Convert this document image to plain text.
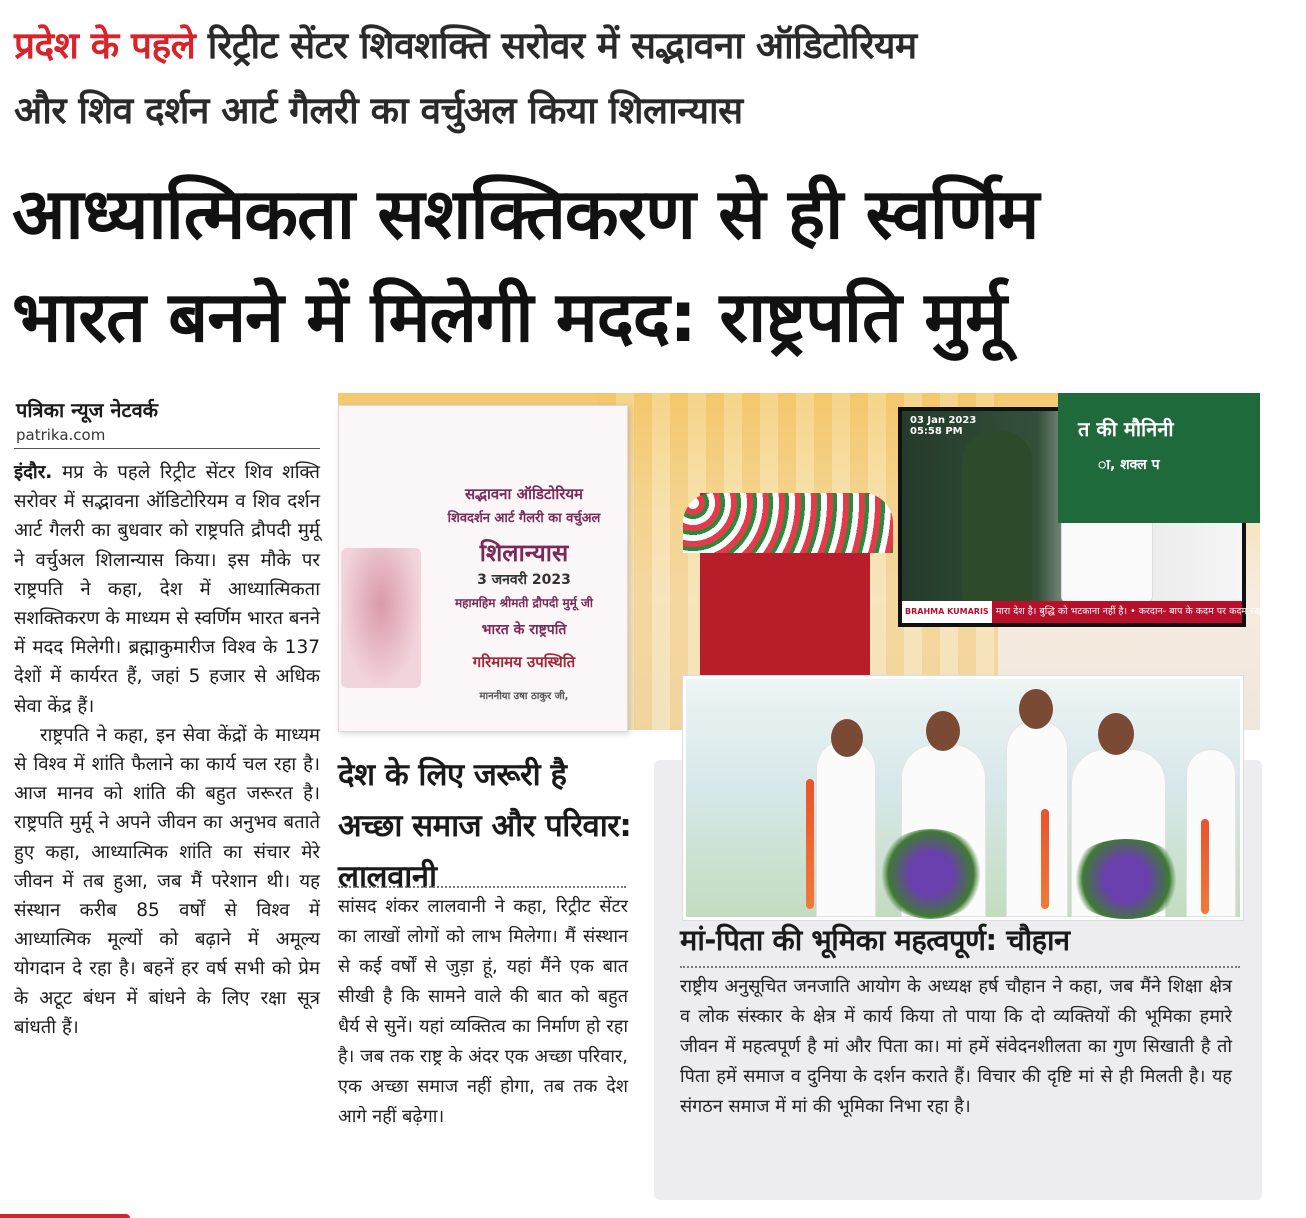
प्रदेश के पहले रिट्रीट सेंटर शिवशक्ति सरोवर में सद्भावना ऑडिटोरियम
और शिव दर्शन आर्ट गैलरी का वर्चुअल किया शिलान्यास
आध्यात्मिकता सशक्तिकरण से ही स्वर्णिम
भारत बनने में मिलेगी मदद: राष्ट्रपति मुर्मू
पत्रिका न्यूज नेटवर्क
patrika.com

इंदौर. मप्र के पहले रिट्रीट सेंटर शिव शक्ति सरोवर में सद्भावना ऑडिटोरियम व शिव दर्शन आर्ट गैलरी का बुधवार को राष्ट्रपति द्रौपदी मुर्मू ने वर्चुअल शिलान्यास किया। इस मौके पर राष्ट्रपति ने कहा, देश में आध्यात्मिकता सशक्तिकरण के माध्यम से स्वर्णिम भारत बनने में मदद मिलेगी। ब्रह्माकुमारीज विश्व के 137 देशों में कार्यरत हैं, जहां 5 हजार से अधिक सेवा केंद्र हैं।

राष्ट्रपति ने कहा, इन सेवा केंद्रों के माध्यम से विश्व में शांति फैलाने का कार्य चल रहा है। आज मानव को शांति की बहुत जरूरत है। राष्ट्रपति मुर्मू ने अपने जीवन का अनुभव बताते हुए कहा, आध्यात्मिक शांति का संचार मेरे जीवन में तब हुआ, जब मैं परेशान थी। यह संस्थान करीब 85 वर्षों से विश्व में आध्यात्मिक मूल्यों को बढ़ाने में अमूल्य योगदान दे रहा है। बहनें हर वर्ष सभी को प्रेम के अटूट बंधन में बांधने के लिए रक्षा सूत्र बांधती हैं।

सद्भावना ऑडिटोरियम
शिवदर्शन आर्ट गैलरी का वर्चुअल
शिलान्यास
3 जनवरी 2023
महामहिम श्रीमती द्रौपदी मुर्मू जी
भारत के राष्ट्रपति
गरिमामय उपस्थिति
माननीया उषा ठाकुर जी,
03 Jan 2023
05:58 PM
BRAHMA KUMARIS मारा देश है। बुद्धि को भटकाना नहीं है। • करदान- बाप के कदम पर कदम रखो Tuesday
त की मौनिनी
ा, शक्ल प
मां-पिता की भूमिका महत्वपूर्ण: चौहान
राष्ट्रीय अनुसूचित जनजाति आयोग के अध्यक्ष हर्ष चौहान ने कहा, जब मैंने शिक्षा क्षेत्र व लोक संस्कार के क्षेत्र में कार्य किया तो पाया कि दो व्यक्तियों की भूमिका हमारे जीवन में महत्वपूर्ण है मां और पिता का। मां हमें संवेदनशीलता का गुण सिखाती है तो पिता हमें समाज व दुनिया के दर्शन कराते हैं। विचार की दृष्टि मां से ही मिलती है। यह संगठन समाज में मां की भूमिका निभा रहा है।
देश के लिए जरूरी है अच्छा समाज और परिवार: लालवानी
सांसद शंकर लालवानी ने कहा, रिट्रीट सेंटर का लाखों लोगों को लाभ मिलेगा। मैं संस्थान से कई वर्षों से जुड़ा हूं, यहां मैंने एक बात सीखी है कि सामने वाले की बात को बहुत धैर्य से सुनें। यहां व्यक्तित्व का निर्माण हो रहा है। जब तक राष्ट्र के अंदर एक अच्छा परिवार, एक अच्छा समाज नहीं होगा, तब तक देश आगे नहीं बढ़ेगा।
